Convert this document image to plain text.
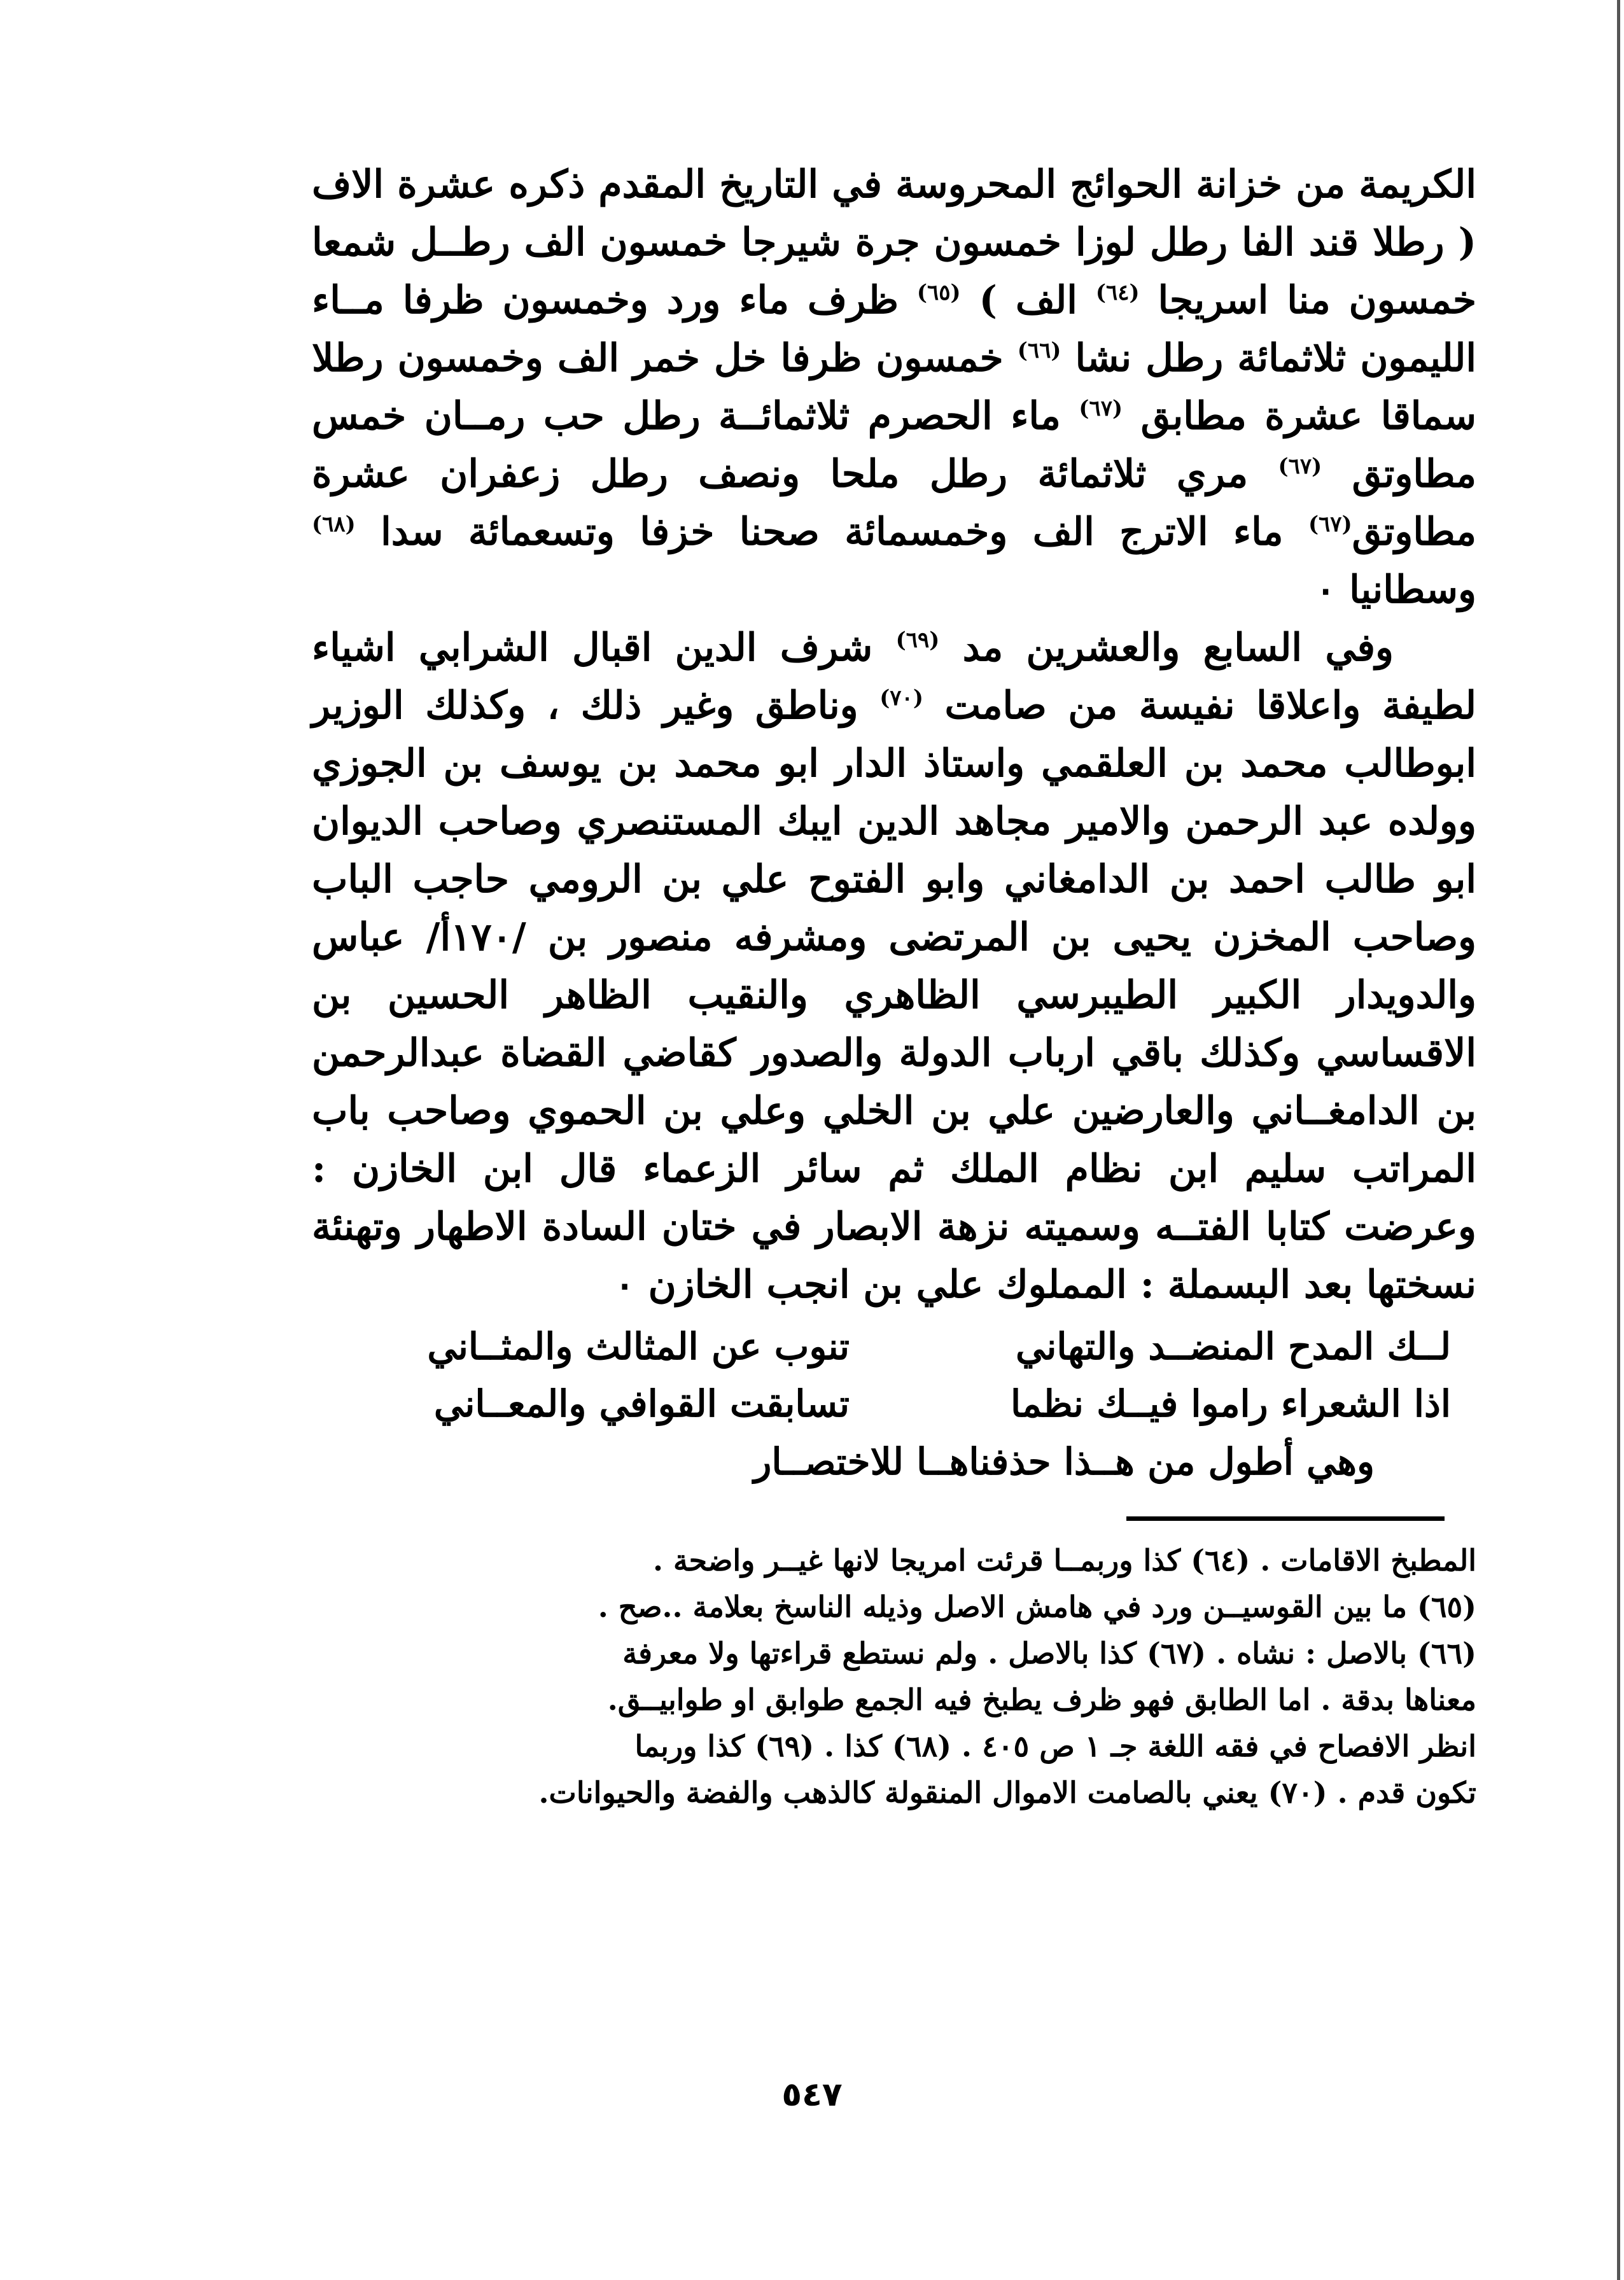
الكريمة من خزانة الحوائج المحروسة في التاريخ المقدم ذكره عشرة الاف ( رطلا قند الفا رطل لوزا خمسون جرة شيرجا خمسون الف رطــل شمعا خمسون منا اسريجا $^{(٦٤)}$ الف ) $^{(٦٥)}$ ظرف ماء ورد وخمسون ظرفا مــاء الليمون ثلاثمائة رطل نشا $^{(٦٦)}$ خمسون ظرفا خل خمر الف وخمسون رطلا سماقا عشرة مطابق $^{(٦٧)}$ ماء الحصرم ثلاثمائــة رطل حب رمــان خمس مطاوتق $^{(٦٧)}$ مري ثلاثمائة رطل ملحا ونصف رطل زعفران عشرة مطاوتق$^{(٦٧)}$ ماء الاترج الف وخمسمائة صحنا خزفا وتسعمائة سدا $^{(٦٨)}$ وسطانيا ٠

وفي السابع والعشرين مد $^{(٦٩)}$ شرف الدين اقبال الشرابي اشياء لطيفة واعلاقا نفيسة من صامت $^{(٧٠)}$ وناطق وغير ذلك ، وكذلك الوزير ابوطالب محمد بن العلقمي واستاذ الدار ابو محمد بن يوسف بن الجوزي وولده عبد الرحمن والامير مجاهد الدين ايبك المستنصري وصاحب الديوان ابو طالب احمد بن الدامغاني وابو الفتوح علي بن الرومي حاجب الباب وصاحب المخزن يحيى بن المرتضى ومشرفه منصور بن /١٧٠أ/ عباس والدويدار الكبير الطيبرسي الظاهري والنقيب الظاهر الحسين بن الاقساسي وكذلك باقي ارباب الدولة والصدور كقاضي القضاة عبدالرحمن بن الدامغــاني والعارضين علي بن الخلي وعلي بن الحموي وصاحب باب المراتب سليم ابن نظام الملك ثم سائر الزعماء قال ابن الخازن : وعرضت كتابا الفتــه وسميته نزهة الابصار في ختان السادة الاطهار وتهنئة نسختها بعد البسملة : المملوك علي بن انجب الخازن ٠

لــك المدح المنضــد والتهاني
تنوب عن المثالث والمثــاني
اذا الشعراء راموا فيــك نظما
تسابقت القوافي والمعــاني
وهي أطول من هــذا حذفناهــا للاختصــار

المطبخ الاقامات . (٦٤) كذا وربمــا قرئت امريجا لانها غيــر واضحة .

(٦٥) ما بين القوسيــن ورد في هامش الاصل وذيله الناسخ بعلامة ..صح .

(٦٦) بالاصل : نشاه . (٦٧) كذا بالاصل . ولم نستطع قراءتها ولا معرفة

معناها بدقة . اما الطابق فهو ظرف يطبخ فيه الجمع طوابق او طوابيــق.

انظر الافصاح في فقه اللغة جـ ١ ص ٤٠٥ . (٦٨) كذا . (٦٩) كذا وربما

تكون قدم . (٧٠) يعني بالصامت الاموال المنقولة كالذهب والفضة والحيوانات.

٥٤٧
